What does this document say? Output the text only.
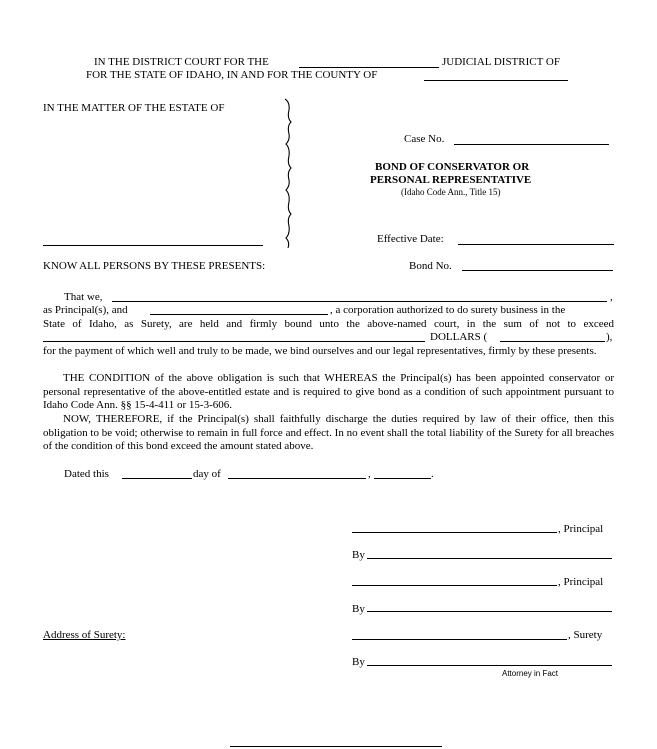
IN THE DISTRICT COURT FOR THE	JUDICIAL DISTRICT OF
FOR THE STATE OF IDAHO, IN AND FOR THE COUNTY OF
IN THE MATTER OF THE ESTATE OF
Case No.
BOND OF CONSERVATOR OR
PERSONAL REPRESENTATIVE
(Idaho Code Ann., Title 15)
Effective Date:
KNOW ALL PERSONS BY THESE PRESENTS:	Bond No.
That we,	,
as Principal(s), and	, a corporation authorized to do surety business in the

State of Idaho, as Surety, are held and firmly bound unto the above-named court, in the sum of not to exceed

DOLLARS (	),

for the payment of which well and truly to be made, we bind ourselves and our legal representatives, firmly by these presents.

THE CONDITION of the above obligation is such that WHEREAS the Principal(s) has been appointed conservator or personal representative of the above-entitled estate and is required to give bond as a condition of such appointment pursuant to Idaho Code Ann. §§ 15-4-411 or 15-3-606.

NOW, THEREFORE, if the Principal(s) shall faithfully discharge the duties required by law of their office, then this obligation to be void; otherwise to remain in full force and effect. In no event shall the total liability of the Surety for all breaches of the condition of this bond exceed the amount stated above.

Dated this	day of	,	.
, Principal
By
, Principal
By
Address of Surety:	, Surety
By
Attorney in Fact
